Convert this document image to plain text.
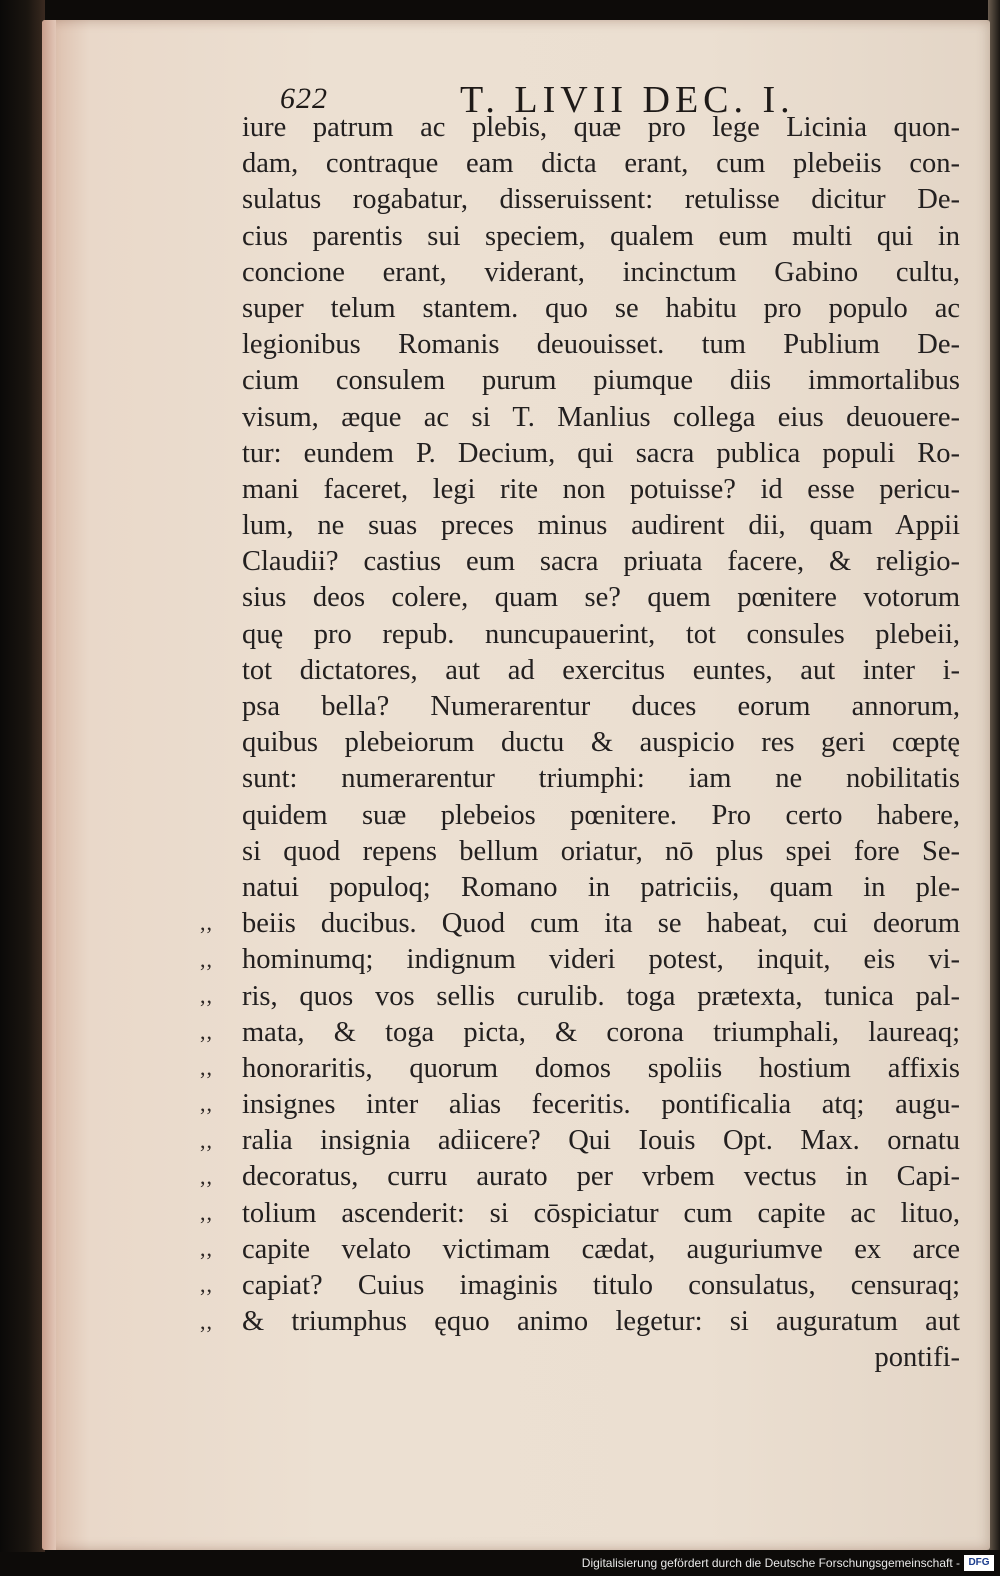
622	T. LIVII DEC. I.
iure patrum ac plebis, quæ pro lege Licinia quon-
dam, contraque eam dicta erant, cum plebeiis con-
sulatus rogabatur, disseruissent: retulisse dicitur De-
cius parentis sui speciem, qualem eum multi qui in
concione erant, viderant, incinctum Gabino cultu,
super telum stantem. quo se habitu pro populo ac
legionibus Romanis deuouisset. tum Publium De-
cium consulem purum piumque diis immortalibus
visum, æque ac si T. Manlius collega eius deuouere-
tur: eundem P. Decium, qui sacra publica populi Ro-
mani faceret, legi rite non potuisse? id esse pericu-
lum, ne suas preces minus audirent dii, quam Appii
Claudii? castius eum sacra priuata facere, & religio-
sius deos colere, quam se? quem pœnitere votorum
quę pro repub. nuncupauerint, tot consules plebeii,
tot dictatores, aut ad exercitus euntes, aut inter i-
psa bella? Numerarentur duces eorum annorum,
quibus plebeiorum ductu & auspicio res geri cœptę
sunt: numerarentur triumphi: iam ne nobilitatis
quidem suæ plebeios pœnitere. Pro certo habere,
si quod repens bellum oriatur, nō plus spei fore Se-
natui populoq; Romano in patriciis, quam in ple-
beiis ducibus. Quod cum ita se habeat, cui deorum
hominumq; indignum videri potest, inquit, eis vi-
ris, quos vos sellis curulib. toga prætexta, tunica pal-
mata, & toga picta, & corona triumphali, laureaq;
honoraritis, quorum domos spoliis hostium affixis
insignes inter alias feceritis. pontificalia atq; augu-
ralia insignia adiicere? Qui Iouis Opt. Max. ornatu
decoratus, curru aurato per vrbem vectus in Capi-
tolium ascenderit: si cōspiciatur cum capite ac lituo,
capite velato victimam cædat, auguriumve ex arce
capiat? Cuius imaginis titulo consulatus, censuraq;
& triumphus ęquo animo legetur: si auguratum aut
pontifi-
,,
,,
,,
,,
,,
,,
,,
,,
,,
,,
,,
,,
Digitalisierung gefördert durch die Deutsche Forschungsgemeinschaft - DFG
